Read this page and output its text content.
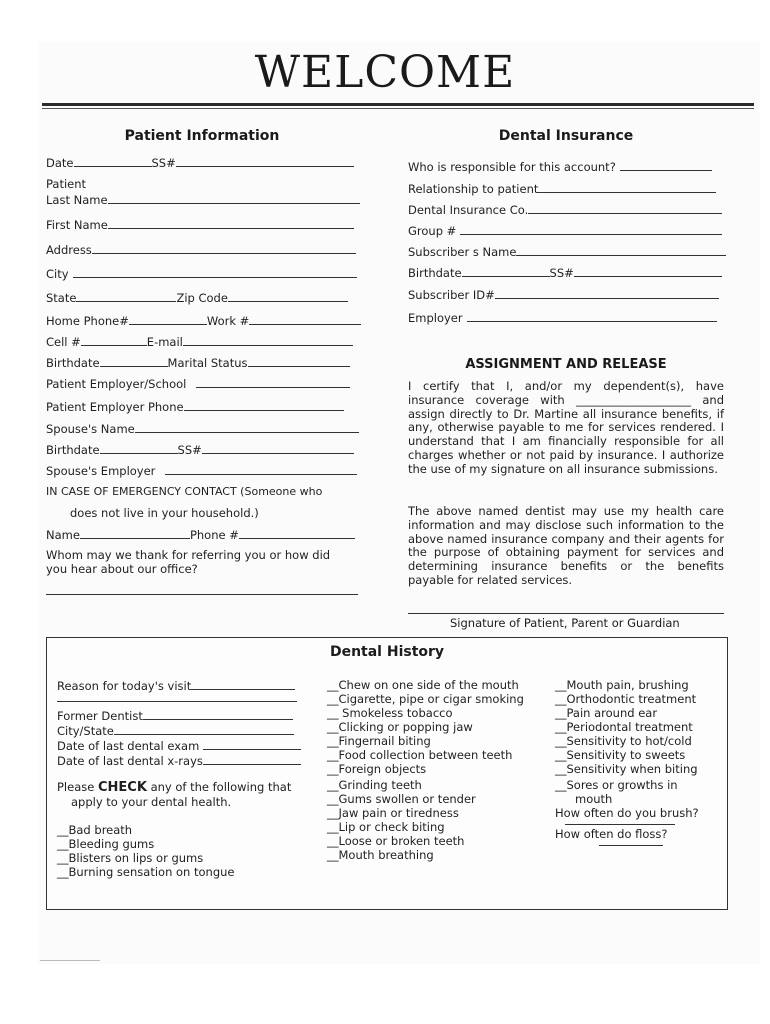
WELCOME
Patient Information
Date	SS#
Patient
Last Name
First Name
Address
City
State	Zip Code
Home Phone#	Work #
Cell #	E-mail
Birthdate	Marital Status
Patient Employer/School
Patient Employer Phone
Spouse's Name
Birthdate	SS#
Spouse's Employer
IN CASE OF EMERGENCY CONTACT (Someone who
does not live in your household.)
Name	Phone #
Whom may we thank for referring you or how did
you hear about our office?
Dental Insurance
Who is responsible for this account?
Relationship to patient
Dental Insurance Co.
Group #
Subscriber s Name
Birthdate	SS#
Subscriber ID#
Employer
ASSIGNMENT AND RELEASE
I certify that I, and/or my dependent(s), have insurance coverage with ____________________ and assign directly to Dr. Martine all insurance benefits, if any, otherwise payable to me for services rendered. I understand that I am financially responsible for all charges whether or not paid by insurance. I authorize the use of my signature on all insurance submissions.
The above named dentist may use my health care information and may disclose such information to the above named insurance company and their agents for the purpose of obtaining payment for services and determining insurance benefits or the benefits payable for related services.
Signature of Patient, Parent or Guardian
Dental History
Reason for today's visit
Former Dentist
City/State
Date of last dental exam
Date of last dental x-rays
Please CHECK any of the following that
apply to your dental health.
__Bad breath
__Bleeding gums
__Blisters on lips or gums
__Burning sensation on tongue
__Chew on one side of the mouth
__Cigarette, pipe or cigar smoking
__ Smokeless tobacco
__Clicking or popping jaw
__Fingernail biting
__Food collection between teeth
__Foreign objects
__Grinding teeth
__Gums swollen or tender
__Jaw pain or tiredness
__Lip or check biting
__Loose or broken teeth
__Mouth breathing
__Mouth pain, brushing
__Orthodontic treatment
__Pain around ear
__Periodontal treatment
__Sensitivity to hot/cold
__Sensitivity to sweets
__Sensitivity when biting
__Sores or growths in
mouth
How often do you brush?
How often do floss?
